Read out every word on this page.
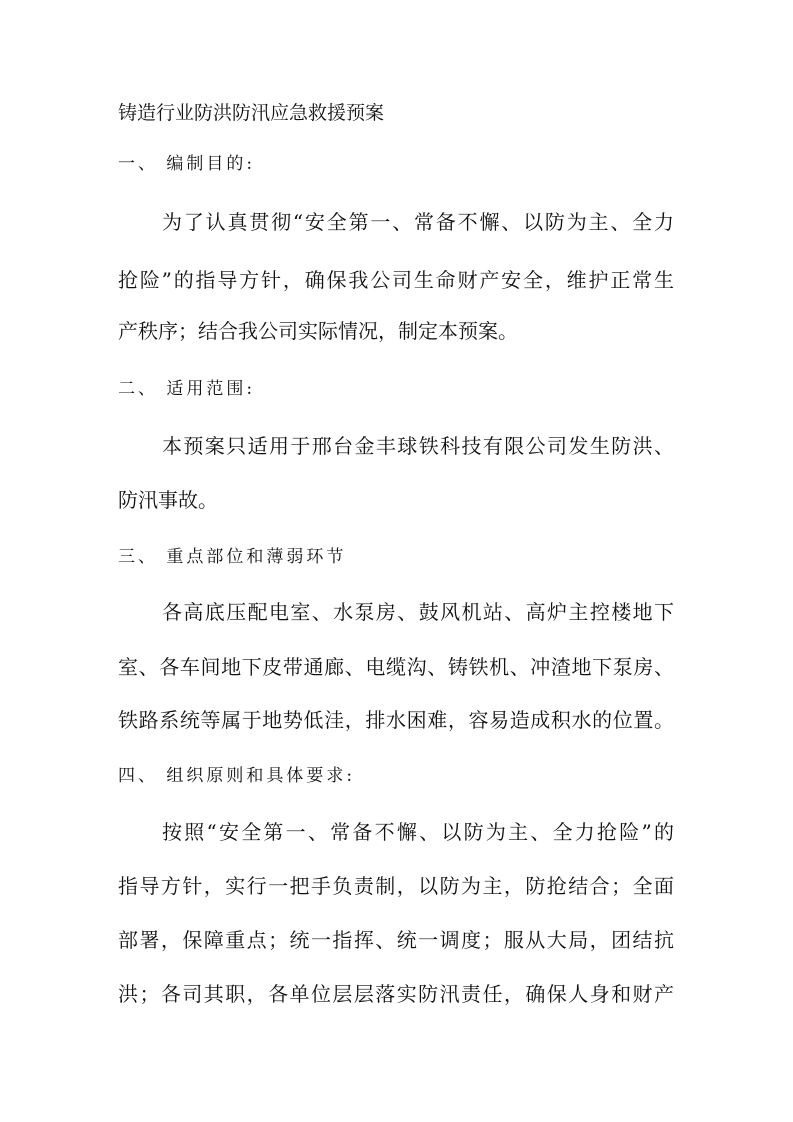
铸造行业防洪防汛应急救援预案
一、 编制目的:
为了认真贯彻“安全第一、常备不懈、以防为主、全力
抢险”的指导方针，确保我公司生命财产安全，维护正常生
产秩序；结合我公司实际情况，制定本预案。
二、 适用范围:
本预案只适用于邢台金丰球铁科技有限公司发生防洪、
防汛事故。
三、 重点部位和薄弱环节
各高底压配电室、水泵房、鼓风机站、高炉主控楼地下
室、各车间地下皮带通廊、电缆沟、铸铁机、冲渣地下泵房、
铁路系统等属于地势低洼，排水困难，容易造成积水的位置。
四、 组织原则和具体要求:
按照“安全第一、常备不懈、以防为主、全力抢险”的
指导方针，实行一把手负责制，以防为主，防抢结合；全面
部署，保障重点；统一指挥、统一调度；服从大局，团结抗
洪；各司其职，各单位层层落实防汛责任，确保人身和财产
